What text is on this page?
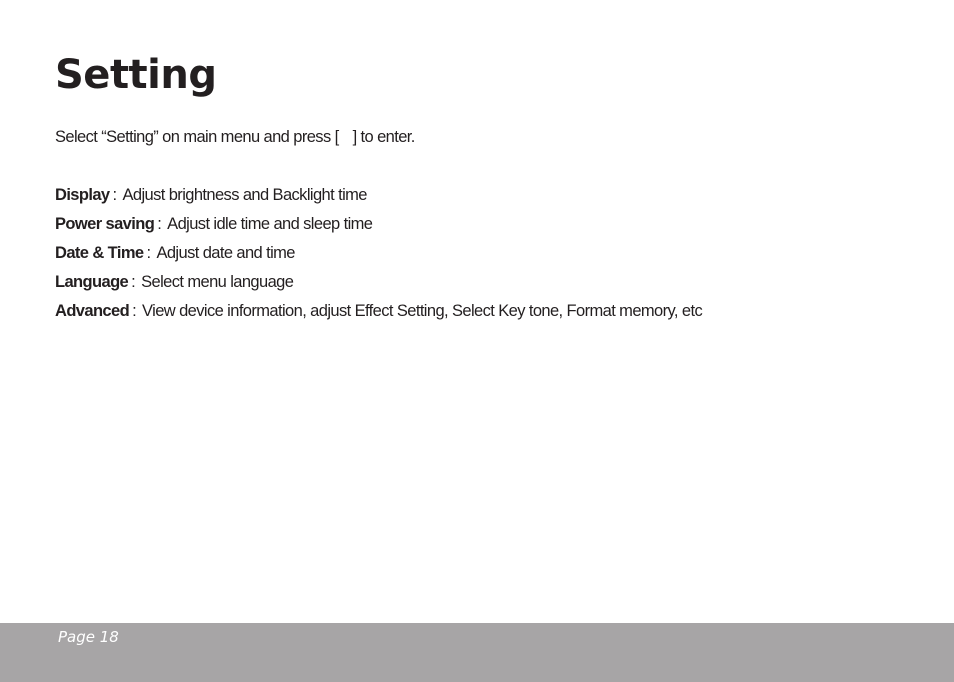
Setting

Select “Setting” on main menu and press [ ] to enter.

Display : Adjust brightness and Backlight time
Power saving : Adjust idle time and sleep time
Date & Time : Adjust date and time
Language : Select menu language
Advanced : View device information, adjust Effect Setting, Select Key tone, Format memory, etc
Page 18
